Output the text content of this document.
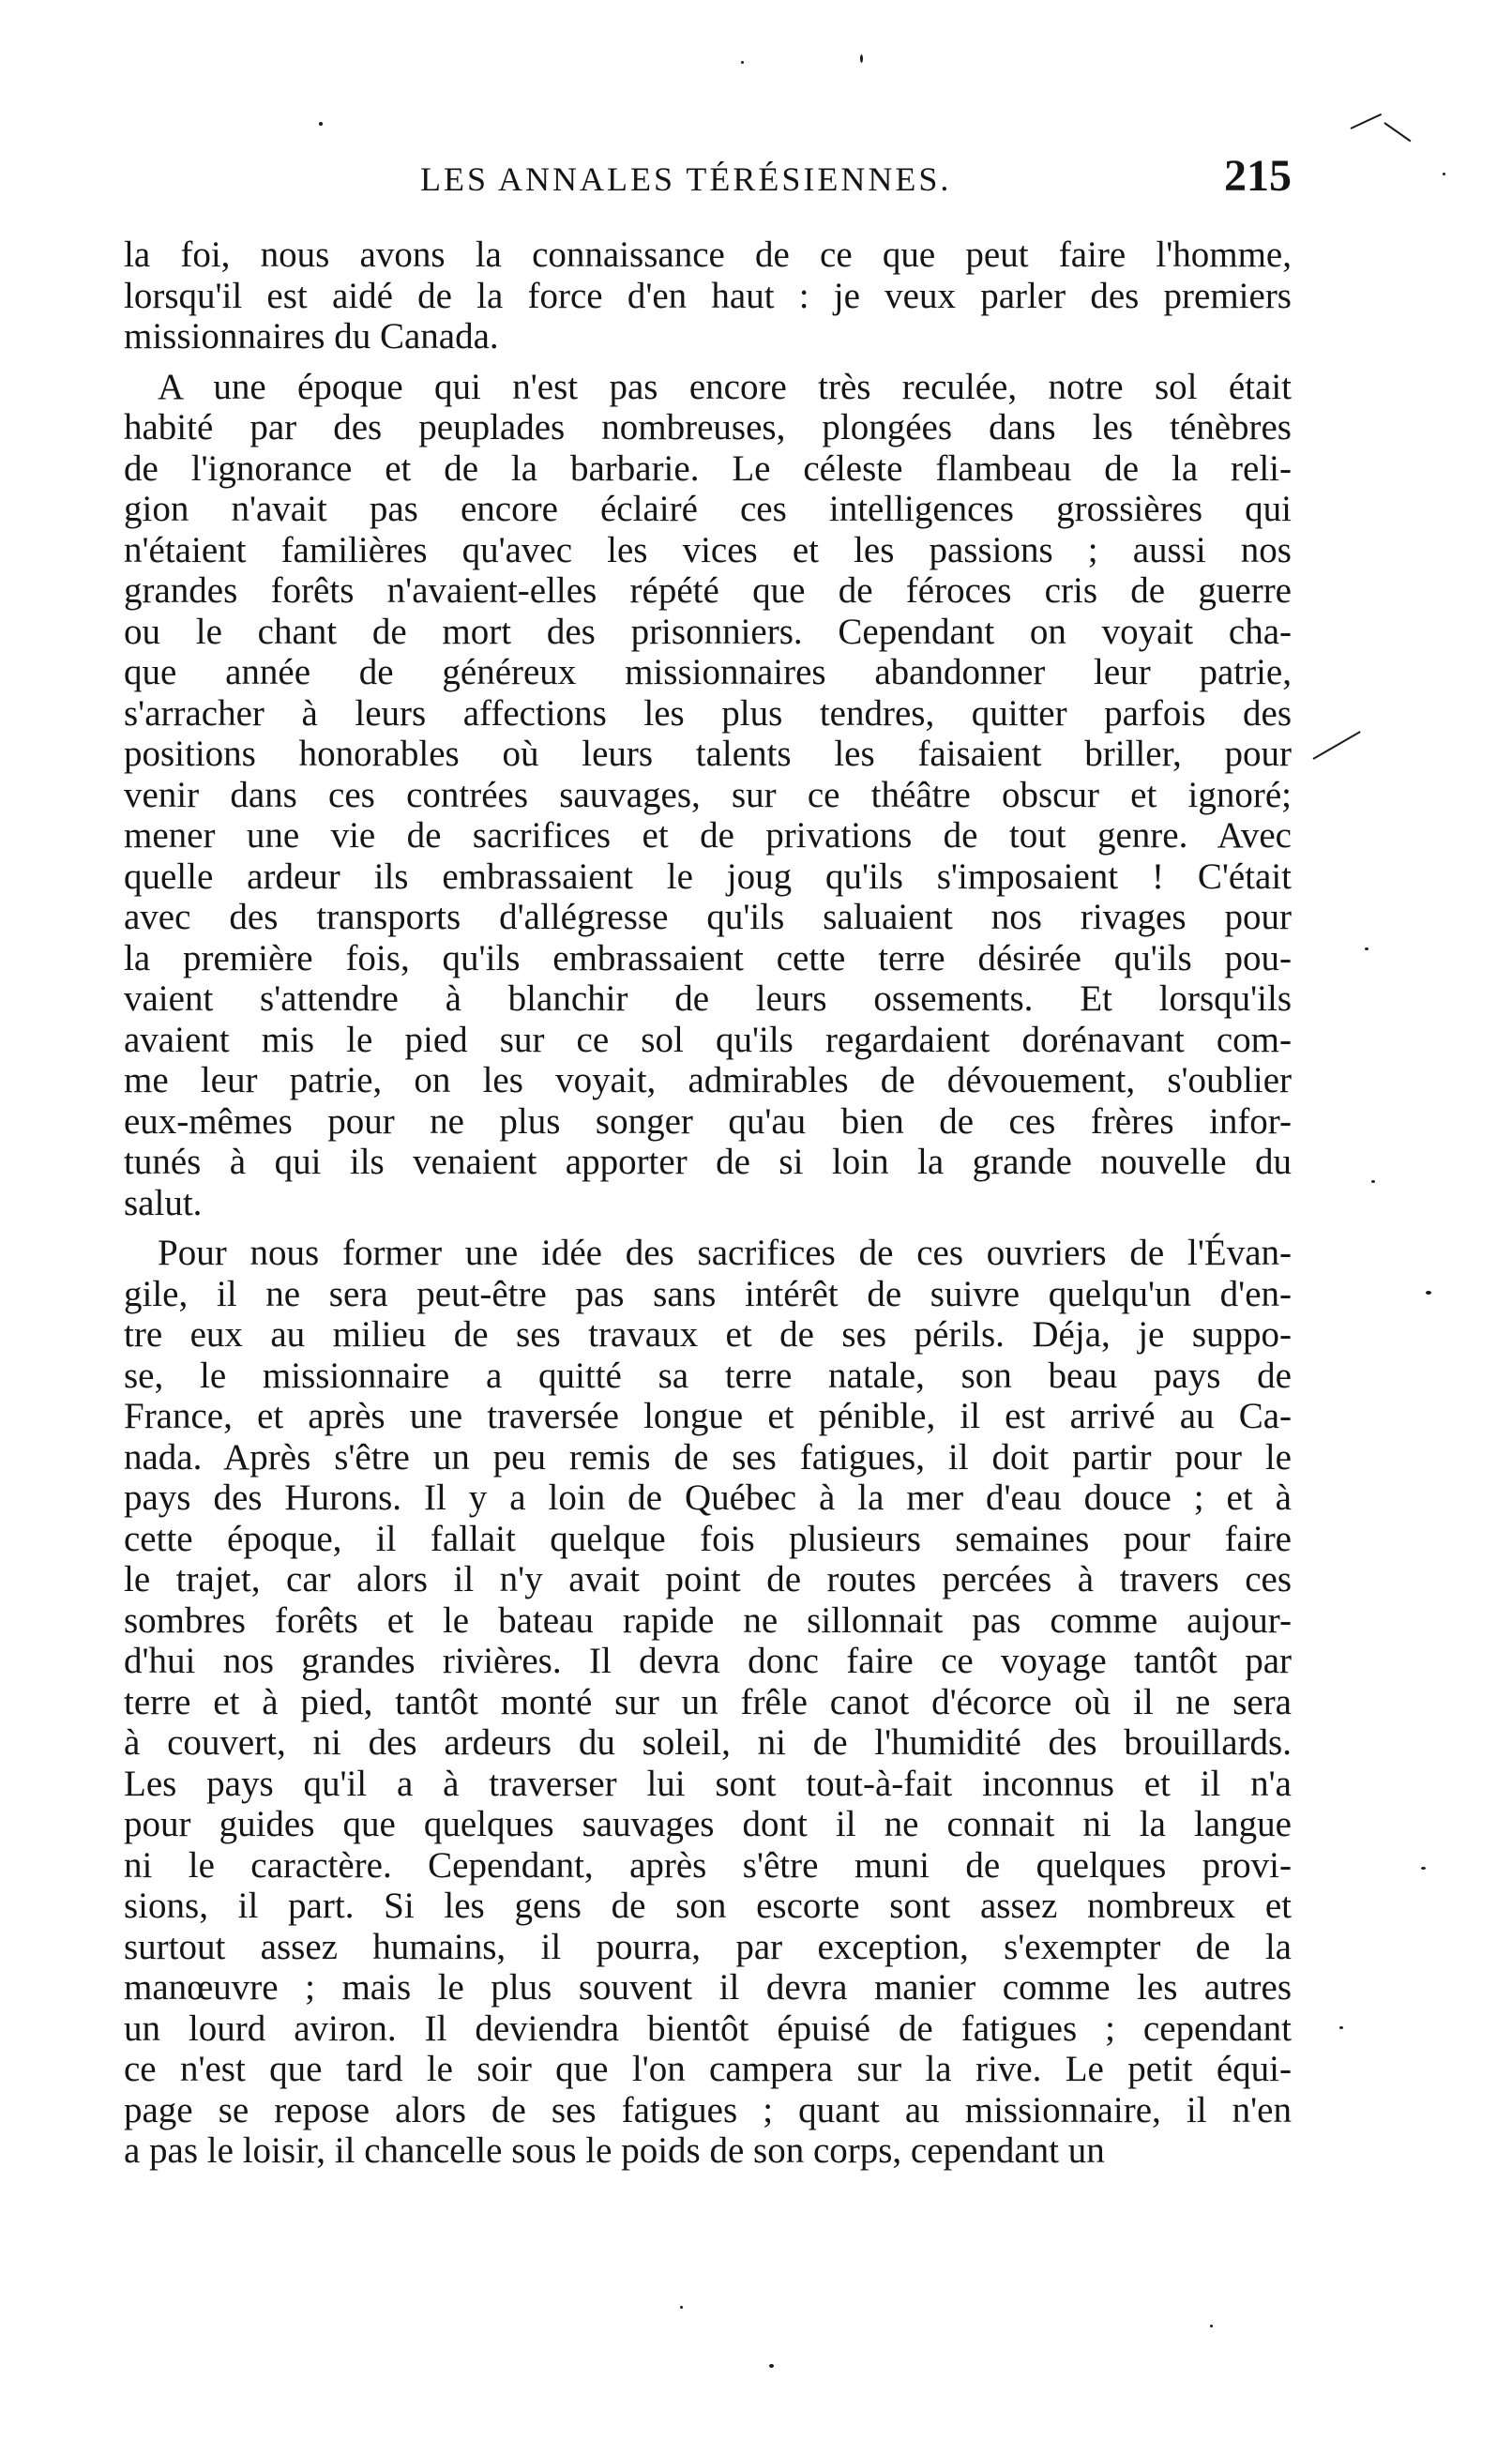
LES ANNALES TÉRÉSIENNES.	215

la foi, nous avons la connaissance de ce que peut faire l'homme,
lorsqu'il est aidé de la force d'en haut : je veux parler des premiers
missionnaires du Canada.

A une époque qui n'est pas encore très reculée, notre sol était
habité par des peuplades nombreuses, plongées dans les ténèbres
de l'ignorance et de la barbarie. Le céleste flambeau de la reli-
gion n'avait pas encore éclairé ces intelligences grossières qui
n'étaient familières qu'avec les vices et les passions ; aussi nos
grandes forêts n'avaient-elles répété que de féroces cris de guerre
ou le chant de mort des prisonniers. Cependant on voyait cha-
que année de généreux missionnaires abandonner leur patrie,
s'arracher à leurs affections les plus tendres, quitter parfois des
positions honorables où leurs talents les faisaient briller, pour
venir dans ces contrées sauvages, sur ce théâtre obscur et ignoré;
mener une vie de sacrifices et de privations de tout genre. Avec
quelle ardeur ils embrassaient le joug qu'ils s'imposaient ! C'était
avec des transports d'allégresse qu'ils saluaient nos rivages pour
la première fois, qu'ils embrassaient cette terre désirée qu'ils pou-
vaient s'attendre à blanchir de leurs ossements. Et lorsqu'ils
avaient mis le pied sur ce sol qu'ils regardaient dorénavant com-
me leur patrie, on les voyait, admirables de dévouement, s'oublier
eux-mêmes pour ne plus songer qu'au bien de ces frères infor-
tunés à qui ils venaient apporter de si loin la grande nouvelle du
salut.

Pour nous former une idée des sacrifices de ces ouvriers de l'Évan-
gile, il ne sera peut-être pas sans intérêt de suivre quelqu'un d'en-
tre eux au milieu de ses travaux et de ses périls. Déja, je suppo-
se, le missionnaire a quitté sa terre natale, son beau pays de
France, et après une traversée longue et pénible, il est arrivé au Ca-
nada. Après s'être un peu remis de ses fatigues, il doit partir pour le
pays des Hurons. Il y a loin de Québec à la mer d'eau douce ; et à
cette époque, il fallait quelque fois plusieurs semaines pour faire
le trajet, car alors il n'y avait point de routes percées à travers ces
sombres forêts et le bateau rapide ne sillonnait pas comme aujour-
d'hui nos grandes rivières. Il devra donc faire ce voyage tantôt par
terre et à pied, tantôt monté sur un frêle canot d'écorce où il ne sera
à couvert, ni des ardeurs du soleil, ni de l'humidité des brouillards.
Les pays qu'il a à traverser lui sont tout-à-fait inconnus et il n'a
pour guides que quelques sauvages dont il ne connait ni la langue
ni le caractère. Cependant, après s'être muni de quelques provi-
sions, il part. Si les gens de son escorte sont assez nombreux et
surtout assez humains, il pourra, par exception, s'exempter de la
manœuvre ; mais le plus souvent il devra manier comme les autres
un lourd aviron. Il deviendra bientôt épuisé de fatigues ; cependant
ce n'est que tard le soir que l'on campera sur la rive. Le petit équi-
page se repose alors de ses fatigues ; quant au missionnaire, il n'en
a pas le loisir, il chancelle sous le poids de son corps, cependant un
